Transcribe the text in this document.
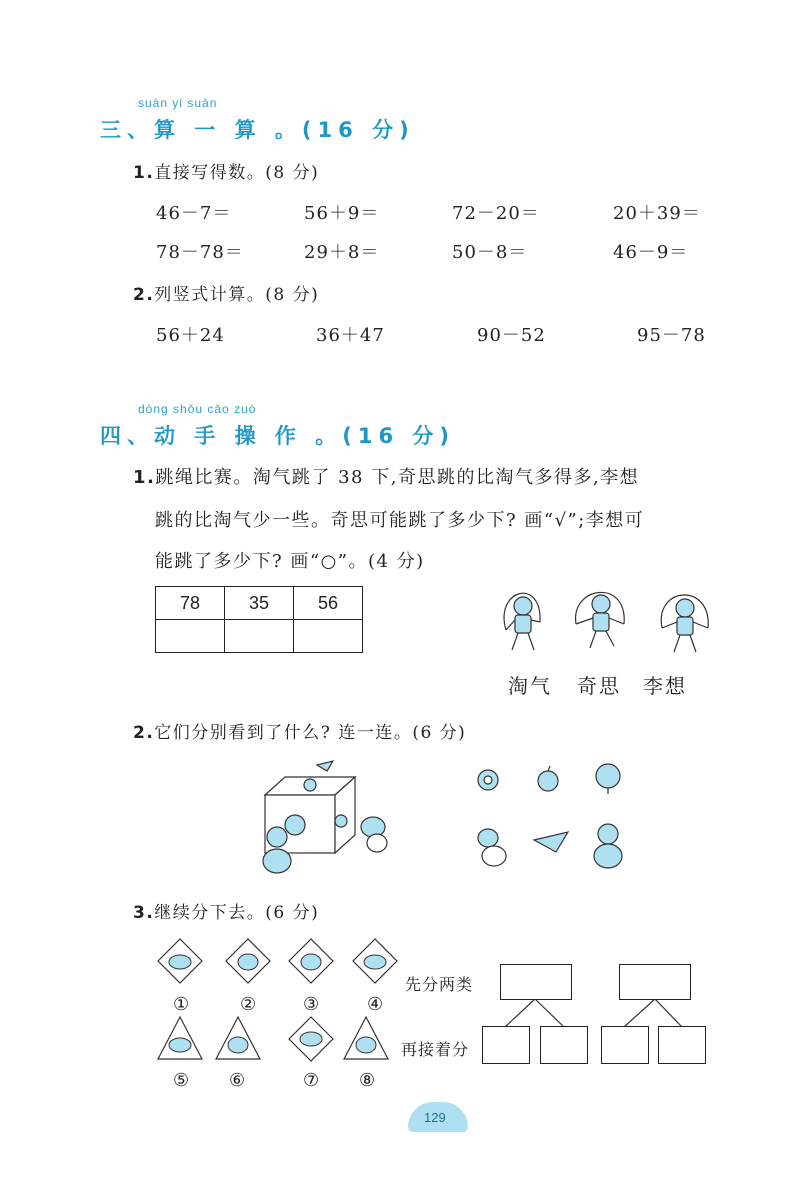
suàn yi suàn
三、算 一 算 。(16 分)
1.直接写得数。(8 分)
46－7＝	56＋9＝	72－20＝	20＋39＝
78－78＝	29＋8＝	50－8＝	46－9＝
2.列竖式计算。(8 分)
56＋24	36＋47	90－52	95－78
dòng shǒu cāo zuò
四、动 手 操 作 。(16 分)
1.跳绳比赛。淘气跳了 38 下,奇思跳的比淘气多得多,李想
跳的比淘气少一些。奇思可能跳了多少下? 画“√”;李想可
能跳了多少下? 画“○”。(4 分)
78	35	56

淘气 奇思 李想
2.它们分别看到了什么? 连一连。(6 分)
3.继续分下去。(6 分)
①	②	③	④
⑤ ⑥	⑦ ⑧
先分两类
再接着分
129
